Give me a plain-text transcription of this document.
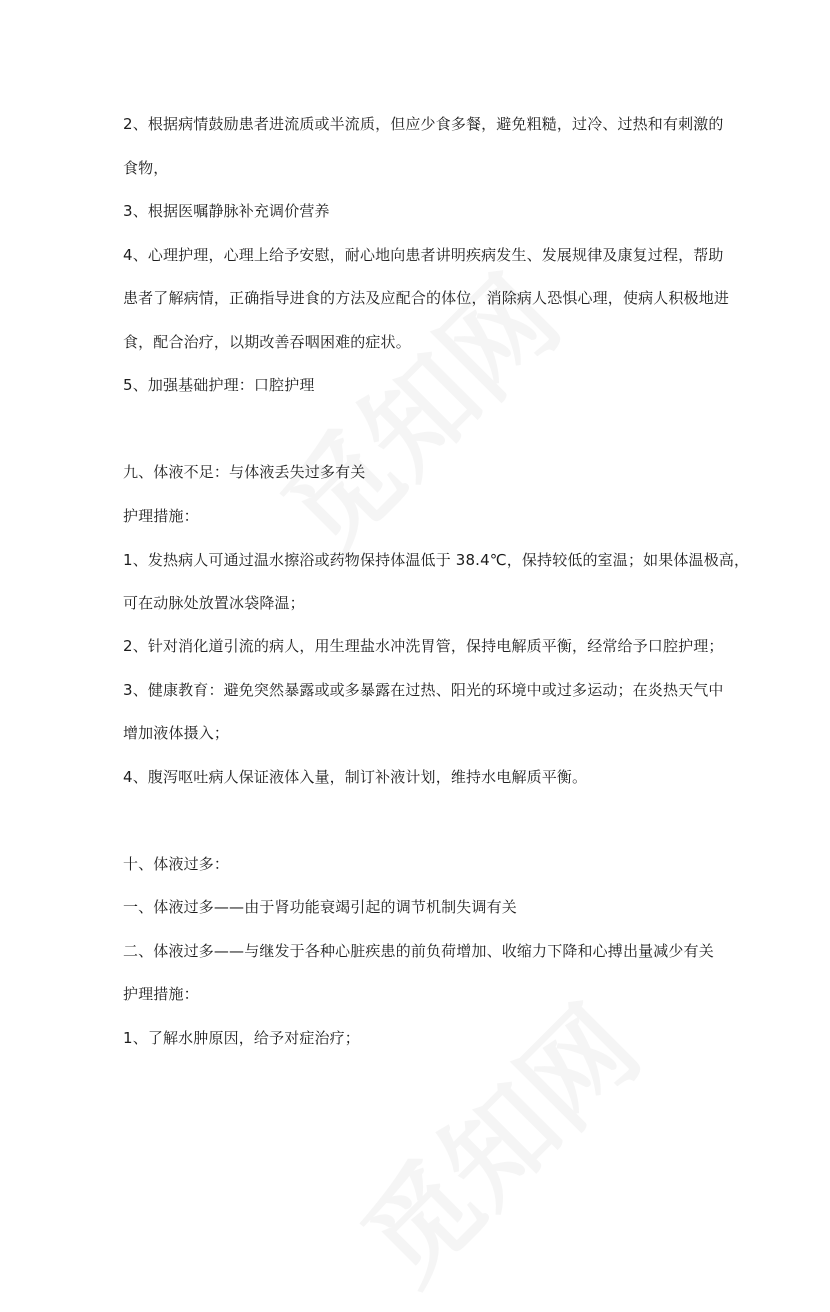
2、根据病情鼓励患者进流质或半流质，但应少食多餐，避免粗糙，过冷、过热和有刺激的
食物，
3、根据医嘱静脉补充调价营养
4、心理护理，心理上给予安慰，耐心地向患者讲明疾病发生、发展规律及康复过程，帮助
患者了解病情，正确指导进食的方法及应配合的体位，消除病人恐惧心理，使病人积极地进
食，配合治疗，以期改善吞咽困难的症状。
5、加强基础护理：口腔护理
九、体液不足：与体液丢失过多有关
护理措施：
1、发热病人可通过温水擦浴或药物保持体温低于 38.4℃，保持较低的室温；如果体温极高，
可在动脉处放置冰袋降温；
2、针对消化道引流的病人，用生理盐水冲洗胃管，保持电解质平衡，经常给予口腔护理；
3、健康教育：避免突然暴露或或多暴露在过热、阳光的环境中或过多运动；在炎热天气中
增加液体摄入；
4、腹泻呕吐病人保证液体入量，制订补液计划，维持水电解质平衡。
十、体液过多：
一、体液过多——由于肾功能衰竭引起的调节机制失调有关
二、体液过多——与继发于各种心脏疾患的前负荷增加、收缩力下降和心搏出量减少有关
护理措施：
1、了解水肿原因，给予对症治疗；
